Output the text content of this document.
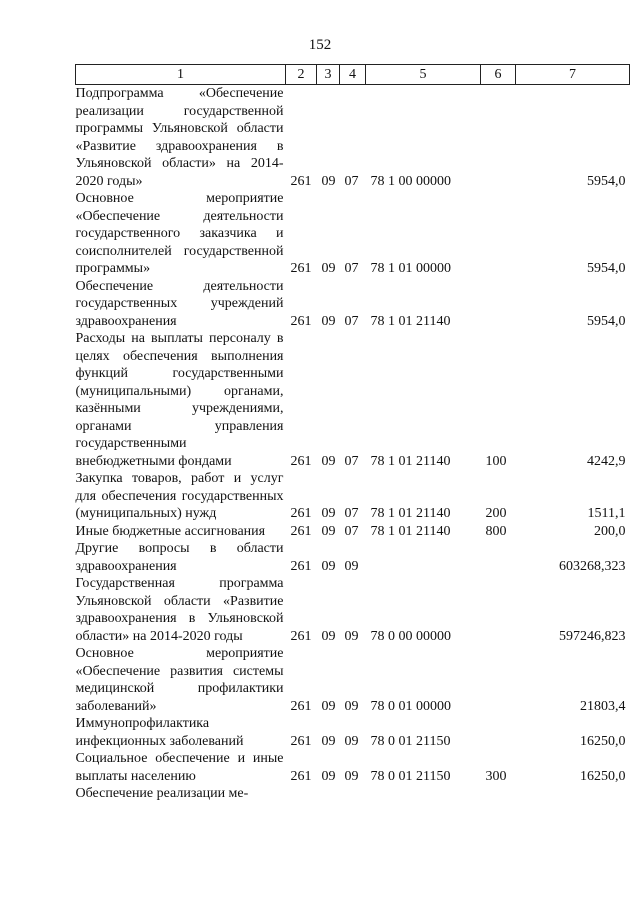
152
1	2	3	4	5	6	7
Подпрограмма «Обеспечение реализации государственной программы Ульяновской области «Развитие здравоохранения в Ульяновской области» на 2014-2020 годы»	261	09	07	78 1 00 00000		5954,0
Основное мероприятие «Обеспечение деятельности государственного заказчика и соисполнителей государственной программы»	261	09	07	78 1 01 00000		5954,0
Обеспечение деятельности государственных учреждений здравоохранения	261	09	07	78 1 01 21140		5954,0
Расходы на выплаты персоналу в целях обеспечения выполнения функций государственными (муниципальными) органами, казёнными учреждениями, органами управления государственными внебюджетными фондами	261	09	07	78 1 01 21140	100	4242,9
Закупка товаров, работ и услуг для обеспечения государственных (муниципальных) нужд	261	09	07	78 1 01 21140	200	1511,1
Иные бюджетные ассигнования	261	09	07	78 1 01 21140	800	200,0
Другие вопросы в области здравоохранения	261	09	09			603268,323
Государственная программа Ульяновской области «Развитие здравоохранения в Ульяновской области» на 2014-2020 годы	261	09	09	78 0 00 00000		597246,823
Основное мероприятие «Обеспечение развития системы медицинской профилактики заболеваний»	261	09	09	78 0 01 00000		21803,4
Иммунопрофилактика инфекционных заболеваний	261	09	09	78 0 01 21150		16250,0
Социальное обеспечение и иные выплаты населению	261	09	09	78 0 01 21150	300	16250,0
Обеспечение реализации ме-						
